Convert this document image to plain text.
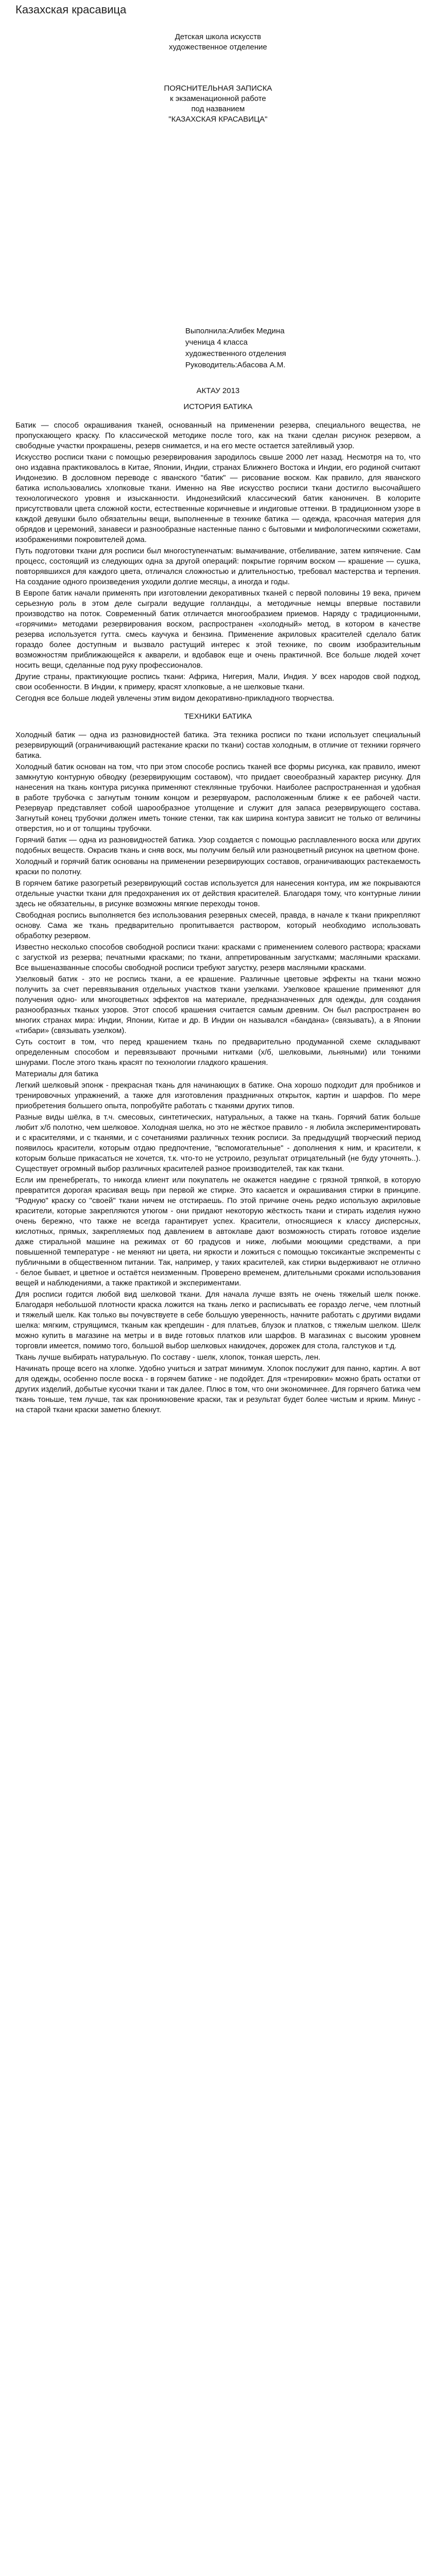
Казахская красавица
Детская школа искусств
художественное отделение
ПОЯСНИТЕЛЬНАЯ ЗАПИСКА
к экзаменационной работе
под названием
"КАЗАХСКАЯ КРАСАВИЦА"
Выполнила:Алибек Медина
ученица 4 класса
художественного отделения
Руководитель:Абасова А.М.
АКТАУ 2013
ИСТОРИЯ БАТИКА

Батик — способ окрашивания тканей, основанный на применении резерва, специального вещества, не пропускающего краску. По классической методике после того, как на ткани сделан рисунок резервом, а свободные участки прокрашены, резерв снимается, и на его месте остается затейливый узор.

Искусство росписи ткани с помощью резервирования зародилось свыше 2000 лет назад. Несмотря на то, что оно издавна практиковалось в Китае, Японии, Индии, странах Ближнего Востока и Индии, его родиной считают Индонезию. В дословном переводе с яванского "батик" — рисование воском. Как правило, для яванского батика использовались хлопковые ткани. Именно на Яве искусство росписи ткани достигло высочайшего технологического уровня и изысканности. Индонезийский классический батик каноничен. В колорите присутствовали цвета сложной кости, естественные коричневые и индиговые оттенки. В традиционном узоре в каждой девушки было обязательны вещи, выполненные в технике батика — одежда, красочная материя для обрядов и церемоний, занавеси и разнообразные настенные панно с бытовыми и мифологическими сюжетами, изображениями покровителей дома.

Путь подготовки ткани для росписи был многоступенчатым: вымачивание, отбеливание, затем кипячение. Сам процесс, состоящий из следующих одна за другой операций: покрытие горячим воском — крашение — сушка, повторявшихся для каждого цвета, отличался сложностью и длительностью, требовал мастерства и терпения. На создание одного произведения уходили долгие месяцы, а иногда и годы.

В Европе батик начали применять при изготовлении декоративных тканей с первой половины 19 века, причем серьезную роль в этом деле сыграли ведущие голландцы, а методичные немцы впервые поставили производство на поток. Современный батик отличается многообразием приемов. Наряду с традиционными, «горячими» методами резервирования воском, распространен «холодный» метод, в котором в качестве резерва используется гутта. смесь каучука и бензина. Применение акриловых красителей сделало батик гораздо более доступным и вызвало растущий интерес к этой технике, по своим изобразительным возможностям приближающейся к акварели, и вдобавок еще и очень практичной. Все больше людей хочет носить вещи, сделанные под руку профессионалов.

Другие страны, практикующие роспись ткани: Африка, Нигерия, Мали, Индия. У всех народов свой подход, свои особенности. В Индии, к примеру, красят хлопковые, а не шелковые ткани.

Сегодня все больше людей увлечены этим видом декоративно-прикладного творчества.

ТЕХНИКИ БАТИКА

Холодный батик — одна из разновидностей батика. Эта техника росписи по ткани использует специальный резервирующий (ограничивающий растекание краски по ткани) состав холодным, в отличие от техники горячего батика.

Холодный батик основан на том, что при этом способе роспись тканей все формы рисунка, как правило, имеют замкнутую контурную обводку (резервирующим составом), что придает своеобразный характер рисунку. Для нанесения на ткань контура рисунка применяют стеклянные трубочки. Наиболее распространенная и удобная в работе трубочка с загнутым тонким концом и резервуаром, расположенным ближе к ее рабочей части. Резервуар представляет собой шарообразное утолщение и служит для запаса резервирующего состава. Загнутый конец трубочки должен иметь тонкие стенки, так как ширина контура зависит не только от величины отверстия, но и от толщины трубочки.

Горячий батик — одна из разновидностей батика. Узор создается с помощью расплавленного воска или других подобных веществ. Окрасив ткань и сняв воск, мы получим белый или разноцветный рисунок на цветном фоне.

Холодный и горячий батик основаны на применении резервирующих составов, ограничивающих растекаемость краски по полотну.

В горячем батике разогретый резервирующий состав используется для нанесения контура, им же покрываются отдельные участки ткани для предохранения их от действия красителей. Благодаря тому, что контурные линии здесь не обязательны, в рисунке возможны мягкие переходы тонов.

Свободная роспись выполняется без использования резервных смесей, правда, в начале к ткани прикрепляют основу. Сама же ткань предварительно пропитывается раствором, который необходимо использовать обработку резервом.

Известно несколько способов свободной росписи ткани: красками с применением солевого раствора; красками с загусткой из резерва; печатными красками; по ткани, аппретированным загусткамм; масляными красками. Все вышеназванные способы свободной росписи требуют загустку, резерв масляными красками.

Узелковый батик - это не роспись ткани, а ее крашение. Различные цветовые эффекты на ткани можно получить за счет перевязывания отдельных участков ткани узелками. Узелковое крашение применяют для получения одно- или многоцветных эффектов на материале, предназначенных для одежды, для создания разнообразных тканых узоров. Этот способ крашения считается самым древним. Он был распространен во многих странах мира: Индии, Японии, Китае и др. В Индии он назывался «бандана» (связывать), а в Японии «тибари» (связывать узелком).

Суть состоит в том, что перед крашением ткань по предварительно продуманной схеме складывают определенным способом и перевязывают прочными нитками (х/б, шелковыми, льняными) или тонкими шнурами. После этого ткань красят по технологии гладкого крашения.

Материалы для батика

Легкий шелковый эпонж - прекрасная ткань для начинающих в батике. Она хорошо подходит для пробников и тренировочных упражнений, а также для изготовления праздничных открыток, картин и шарфов. По мере приобретения большего опыта, попробуйте работать с тканями других типов.

Разные виды шёлка, в т.ч. смесовых, синтетических, натуральных, а также на ткань. Горячий батик больше любит х/б полотно, чем шелковое. Холодная шелка, но это не жёсткое правило - я любила экспериментировать и с красителями, и с тканями, и с сочетаниями различных техник росписи. За предыдущий творческий период появилось красители, которым отдаю предпочтение, "вспомогательные" - дополнения к ним, и красители, к которым больше прикасаться не хочется, т.к. что-то не устроило, результат отрицательный (не буду уточнять..). Существует огромный выбор различных красителей разное производителей, так как ткани.

Если им пренебрегать, то никогда клиент или покупатель не окажется наедине с грязной тряпкой, в которую превратится дорогая красивая вещь при первой же стирке. Это касается и окрашивания стирки в принципе. "Родную" краску со "своей" ткани ничем не отстираешь. По этой причине очень редко использую акриловые красители, которые закрепляются утюгом - они придают некоторую жёсткость ткани и стирать изделия нужно очень бережно, что также не всегда гарантирует успех. Красители, относящиеся к классу дисперсных, кислотных, прямых, закрепляемых под давлением в автоклаве дают возможность стирать готовое изделие даже стиральной машине на режимах от 60 градусов и ниже, любыми моющими средствами, а при повышенной температуре - не меняют ни цвета, ни яркости и ложиться с помощью токсикантые экспременты с публичными в общественном питании. Так, например, у таких красителей, как стирки выдерживают не отлично - белое бывает, и цветное и остаётся неизменным. Проверено временем, длительными сроками использования вещей и наблюдениями, а также практикой и экспериментами.

Для росписи годится любой вид шелковой ткани. Для начала лучше взять не очень тяжелый шелк понже. Благодаря небольшой плотности краска ложится на ткань легко и расписывать ее гораздо легче, чем плотный и тяжелый шелк. Как только вы почувствуете в себе большую уверенность, начните работать с другими видами шелка: мягким, струящимся, тканым как крепдешин - для платьев, блузок и платков, с тяжелым шелком. Шелк можно купить в магазине на метры и в виде готовых платков или шарфов. В магазинах с высоким уровнем торговли имеется, помимо того, большой выбор шелковых накидочек, дорожек для стола, галстуков и т.д.

Ткань лучше выбирать натуральную. По составу - шелк, хлопок, тонкая шерсть, лен.

Начинать проще всего на хлопке. Удобно учиться и затрат минимум. Хлопок послужит для панно, картин. А вот для одежды, особенно после воска - в горячем батике - не подойдет. Для «тренировки» можно брать остатки от других изделий, добытые кусочки ткани и так далее. Плюс в том, что они экономичнее. Для горячего батика чем ткань тоньше, тем лучше, так как проникновение краски, так и результат будет более чистым и ярким. Минус - на старой ткани краски заметно блекнут.
